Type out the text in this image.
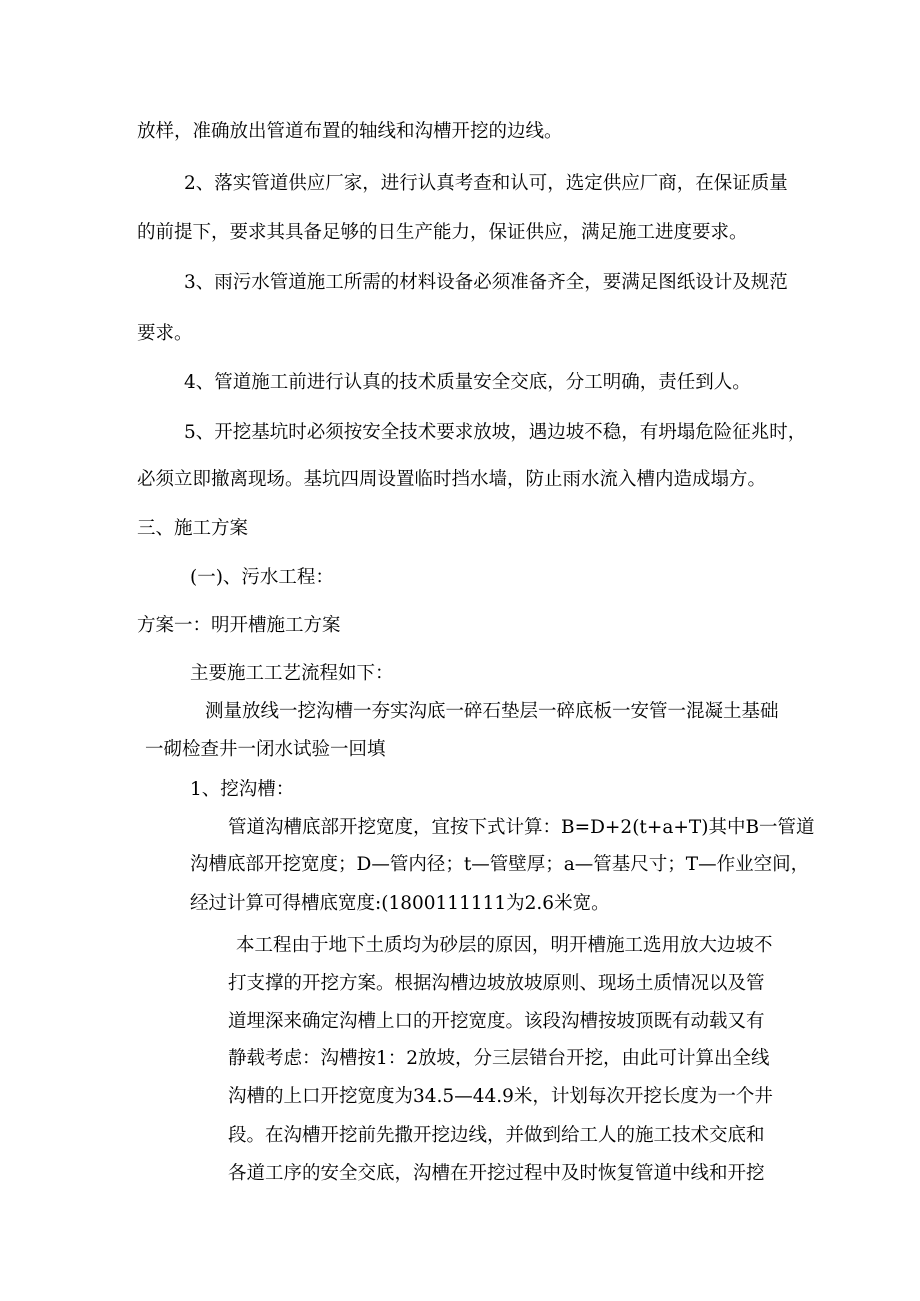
放样，准确放出管道布置的轴线和沟槽开挖的边线。
2、落实管道供应厂家，进行认真考查和认可，选定供应厂商，在保证质量
的前提下，要求其具备足够的日生产能力，保证供应，满足施工进度要求。
3、雨污水管道施工所需的材料设备必须准备齐全，要满足图纸设计及规范
要求。
4、管道施工前进行认真的技术质量安全交底，分工明确，责任到人。
5、开挖基坑时必须按安全技术要求放坡，遇边坡不稳，有坍塌危险征兆时，
必须立即撤离现场。基坑四周设置临时挡水墙，防止雨水流入槽内造成塌方。
三、施工方案
(一)、污水工程：
方案一：明开槽施工方案
主要施工工艺流程如下：
测量放线一挖沟槽一夯实沟底一碎石垫层一碎底板一安管一混凝土基础
一砌检查井一闭水试验一回填
1、挖沟槽：
管道沟槽底部开挖宽度，宜按下式计算：B=D+2(t+a+T)其中B一管道
沟槽底部开挖宽度；D—管内径；t—管壁厚；a—管基尺寸；T—作业空间，
经过计算可得槽底宽度:(1800111111为2.6米宽。
本工程由于地下土质均为砂层的原因，明开槽施工选用放大边坡不
打支撑的开挖方案。根据沟槽边坡放坡原则、现场土质情况以及管
道埋深来确定沟槽上口的开挖宽度。该段沟槽按坡顶既有动载又有
静载考虑：沟槽按1：2放坡，分三层错台开挖，由此可计算出全线
沟槽的上口开挖宽度为34.5—44.9米，计划每次开挖长度为一个井
段。在沟槽开挖前先撒开挖边线，并做到给工人的施工技术交底和
各道工序的安全交底，沟槽在开挖过程中及时恢复管道中线和开挖
